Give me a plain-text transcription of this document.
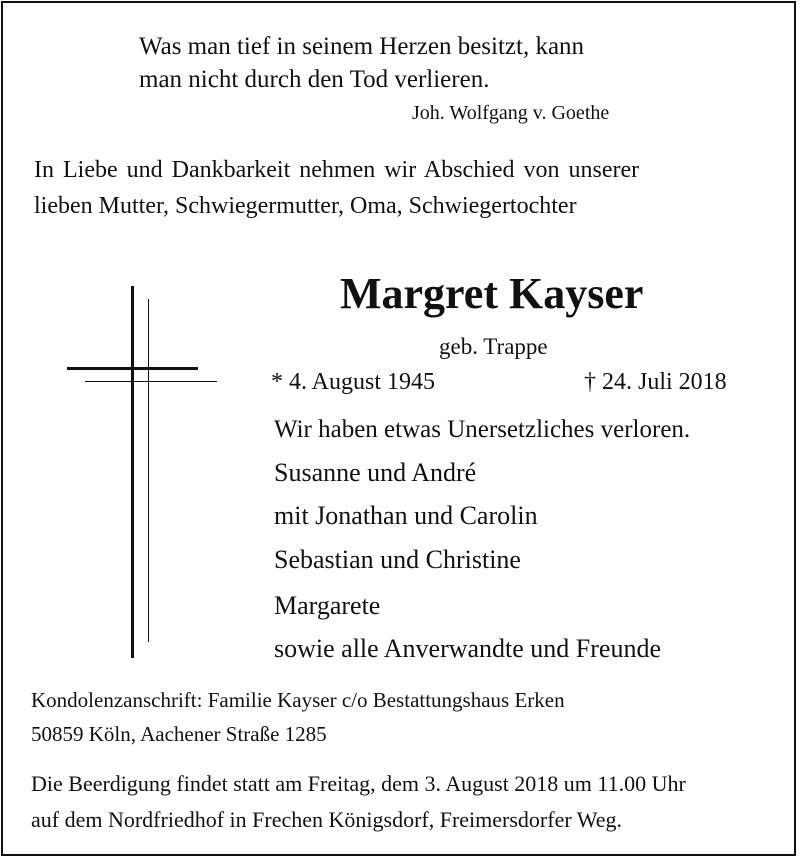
Was man tief in seinem Herzen besitzt, kann
man nicht durch den Tod verlieren.
Joh. Wolfgang v. Goethe
In Liebe und Dankbarkeit nehmen wir Abschied von unserer
lieben Mutter, Schwiegermutter, Oma, Schwiegertochter
Margret Kayser
geb. Trappe
* 4. August 1945	† 24. Juli 2018
Wir haben etwas Unersetzliches verloren.
Susanne und André
mit Jonathan und Carolin
Sebastian und Christine
Margarete
sowie alle Anverwandte und Freunde
Kondolenzanschrift: Familie Kayser c/o Bestattungshaus Erken
50859 Köln, Aachener Straße 1285
Die Beerdigung findet statt am Freitag, dem 3. August 2018 um 11.00 Uhr
auf dem Nordfriedhof in Frechen Königsdorf, Freimersdorfer Weg.
